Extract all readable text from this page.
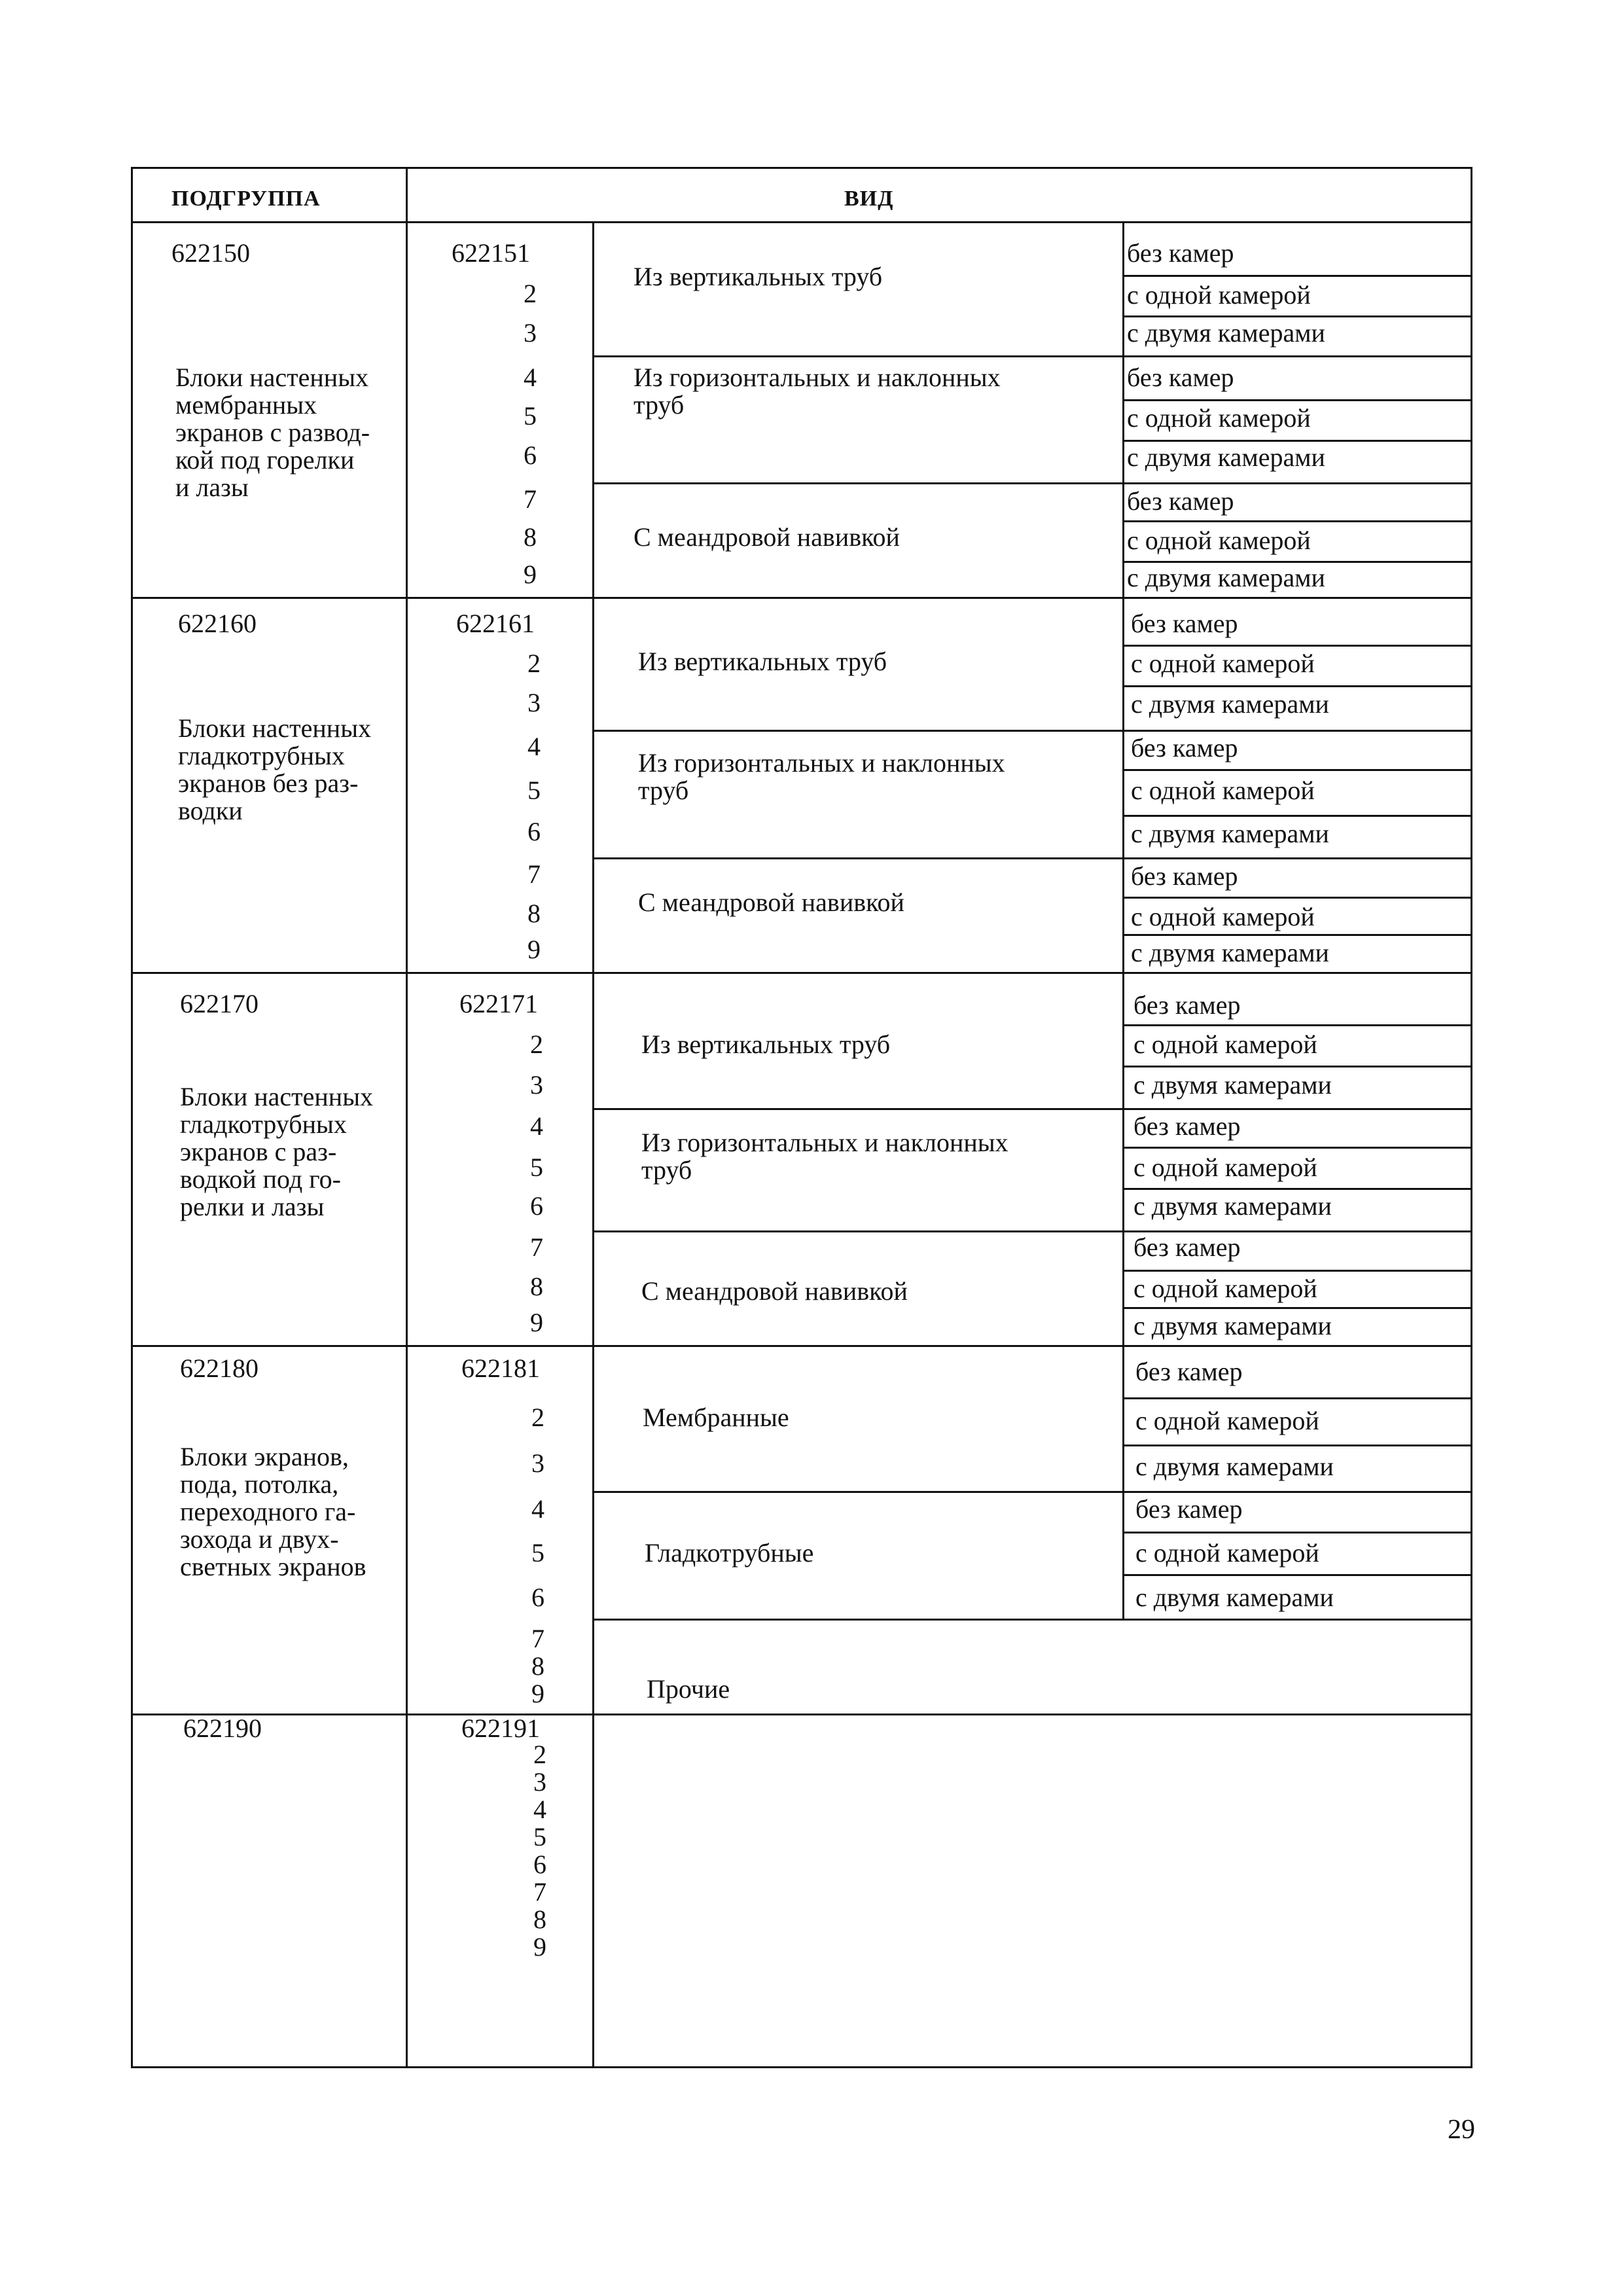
ПОДГРУППА	ВИД
622150
Блоки настенных
мембранных
экранов с развод-
кой под горелки
и лазы
622151
2
3
4
5
6
7
8
9
Из вертикальных труб
Из горизонтальных и наклонных
труб
С меандровой навивкой
без камер
с одной камерой
с двумя камерами
без камер
с одной камерой
с двумя камерами
без камер
с одной камерой
с двумя камерами
622160
Блоки настенных
гладкотрубных
экранов без раз-
водки
622161
2
3
4
5
6
7
8
9
Из вертикальных труб
Из горизонтальных и наклонных
труб
С меандровой навивкой
без камер
с одной камерой
с двумя камерами
без камер
с одной камерой
с двумя камерами
без камер
с одной камерой
с двумя камерами
622170
Блоки настенных
гладкотрубных
экранов с раз-
водкой под го-
релки и лазы
622171
2
3
4
5
6
7
8
9
Из вертикальных труб
Из горизонтальных и наклонных
труб
С меандровой навивкой
без камер
с одной камерой
с двумя камерами
без камер
с одной камерой
с двумя камерами
без камер
с одной камерой
с двумя камерами
622180
Блоки экранов,
пода, потолка,
переходного га-
зохода и двух-
светных экранов
622181
2
3
4
5
6
7
8
9
Мембранные
Гладкотрубные
Прочие
без камер
с одной камерой
с двумя камерами
без камер
с одной камерой
с двумя камерами
622190	622191
2
3
4
5
6
7
8
9
29
